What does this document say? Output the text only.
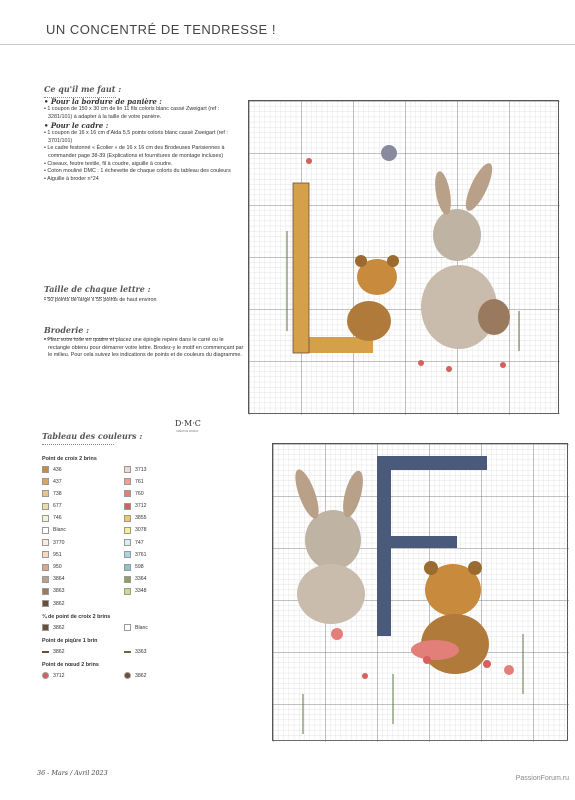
UN CONCENTRÉ DE TENDRESSE !
Ce qu'il me faut :
• Pour la bordure de panière :
• 1 coupon de 150 x 30 cm de lin 11 fils coloris blanc cassé Zweigart (ref : 3281/101) à adapter à la taille de votre panière.
• Pour le cadre :
• 1 coupon de 16 x 16 cm d'Aida 5,5 points coloris blanc cassé Zweigart (ref : 3701/101)
• Le cadre festonné « Écolier » de 16 x 16 cm des Brodeuses Parisiennes à commander page 38-39 (Explications et fournitures de montage incluses)
• Ciseaux, feutre textile, fil à coudre, aiguille à coudre.
• Coton mouliné DMC : 1 échevette de chaque coloris du tableau des couleurs
• Aiguille à broder n°24
Taille de chaque lettre :
• 50 points de large x 55 points de haut environ
Broderie :
• Pliez votre toile en quatre et placez une épingle repère dans le carré ou le rectangle obtenu pour démarrer votre lettre. Brodez-y le motif en commençant par le milieu. Pour cela suivez les indications de points et de couleurs du diagramme.
Tableau des couleurs :
D·M·C
CRÉATIVE WORLD
Point de croix 2 brins
436	3713
437	761
738	760
677	3712
746	3855
Blanc	3078
3770	747
951	3761
950	598
3864	3364
3863	3348
3862
¾ de point de croix 2 brins
3862	Blanc
Point de piqûre 1 brin
3862	3363
Point de nœud 2 brins
3712	3862
36 - Mars / Avril 2023
PassionForum.ru
